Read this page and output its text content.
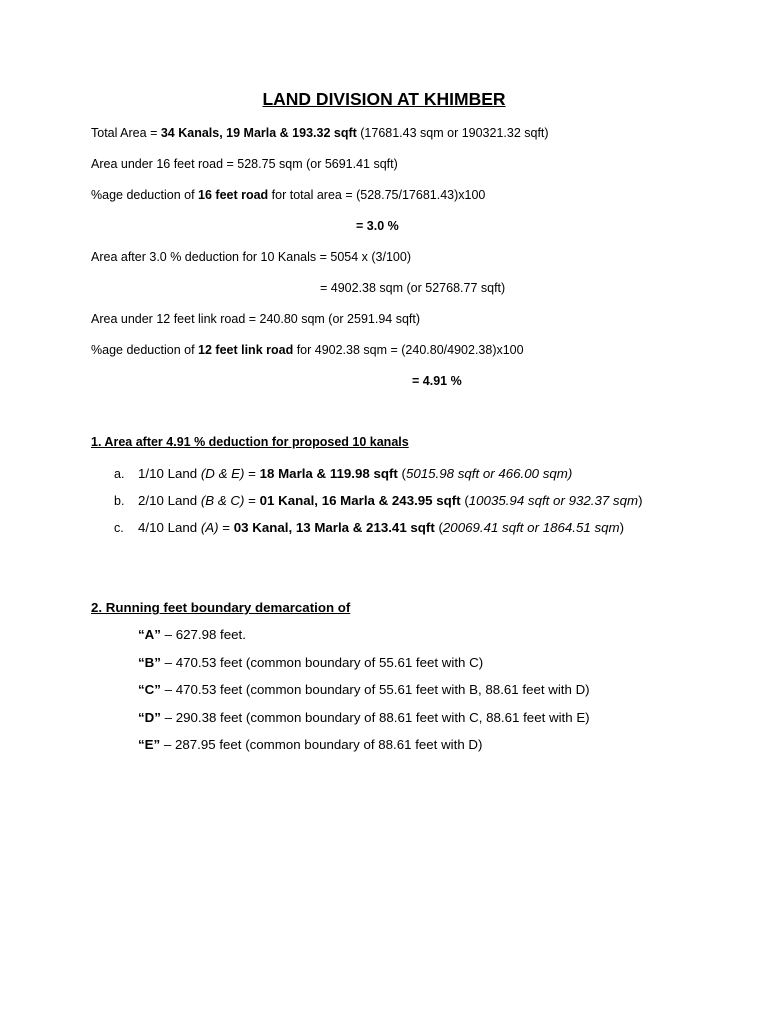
LAND DIVISION AT KHIMBER
Total Area = 34 Kanals, 19 Marla & 193.32 sqft (17681.43 sqm or 190321.32 sqft)
Area under 16 feet road = 528.75 sqm (or 5691.41 sqft)
%age deduction of 16 feet road for total area = (528.75/17681.43)x100
= 3.0 %
Area after 3.0 % deduction for 10 Kanals = 5054 x (3/100)
= 4902.38 sqm (or 52768.77 sqft)
Area under 12 feet link road = 240.80 sqm (or 2591.94 sqft)
%age deduction of 12 feet link road for 4902.38 sqm = (240.80/4902.38)x100
= 4.91 %
1. Area after 4.91 % deduction for proposed 10 kanals
a. 1/10 Land (D & E) = 18 Marla & 119.98 sqft (5015.98 sqft or 466.00 sqm)
b. 2/10 Land (B & C) = 01 Kanal, 16 Marla & 243.95 sqft (10035.94 sqft or 932.37 sqm)
c. 4/10 Land (A) = 03 Kanal, 13 Marla & 213.41 sqft (20069.41 sqft or 1864.51 sqm)
2. Running feet boundary demarcation of
“A” – 627.98 feet.
“B” – 470.53 feet (common boundary of 55.61 feet with C)
“C” – 470.53 feet (common boundary of 55.61 feet with B, 88.61 feet with D)
“D” – 290.38 feet (common boundary of 88.61 feet with C, 88.61 feet with E)
“E” – 287.95 feet (common boundary of 88.61 feet with D)
